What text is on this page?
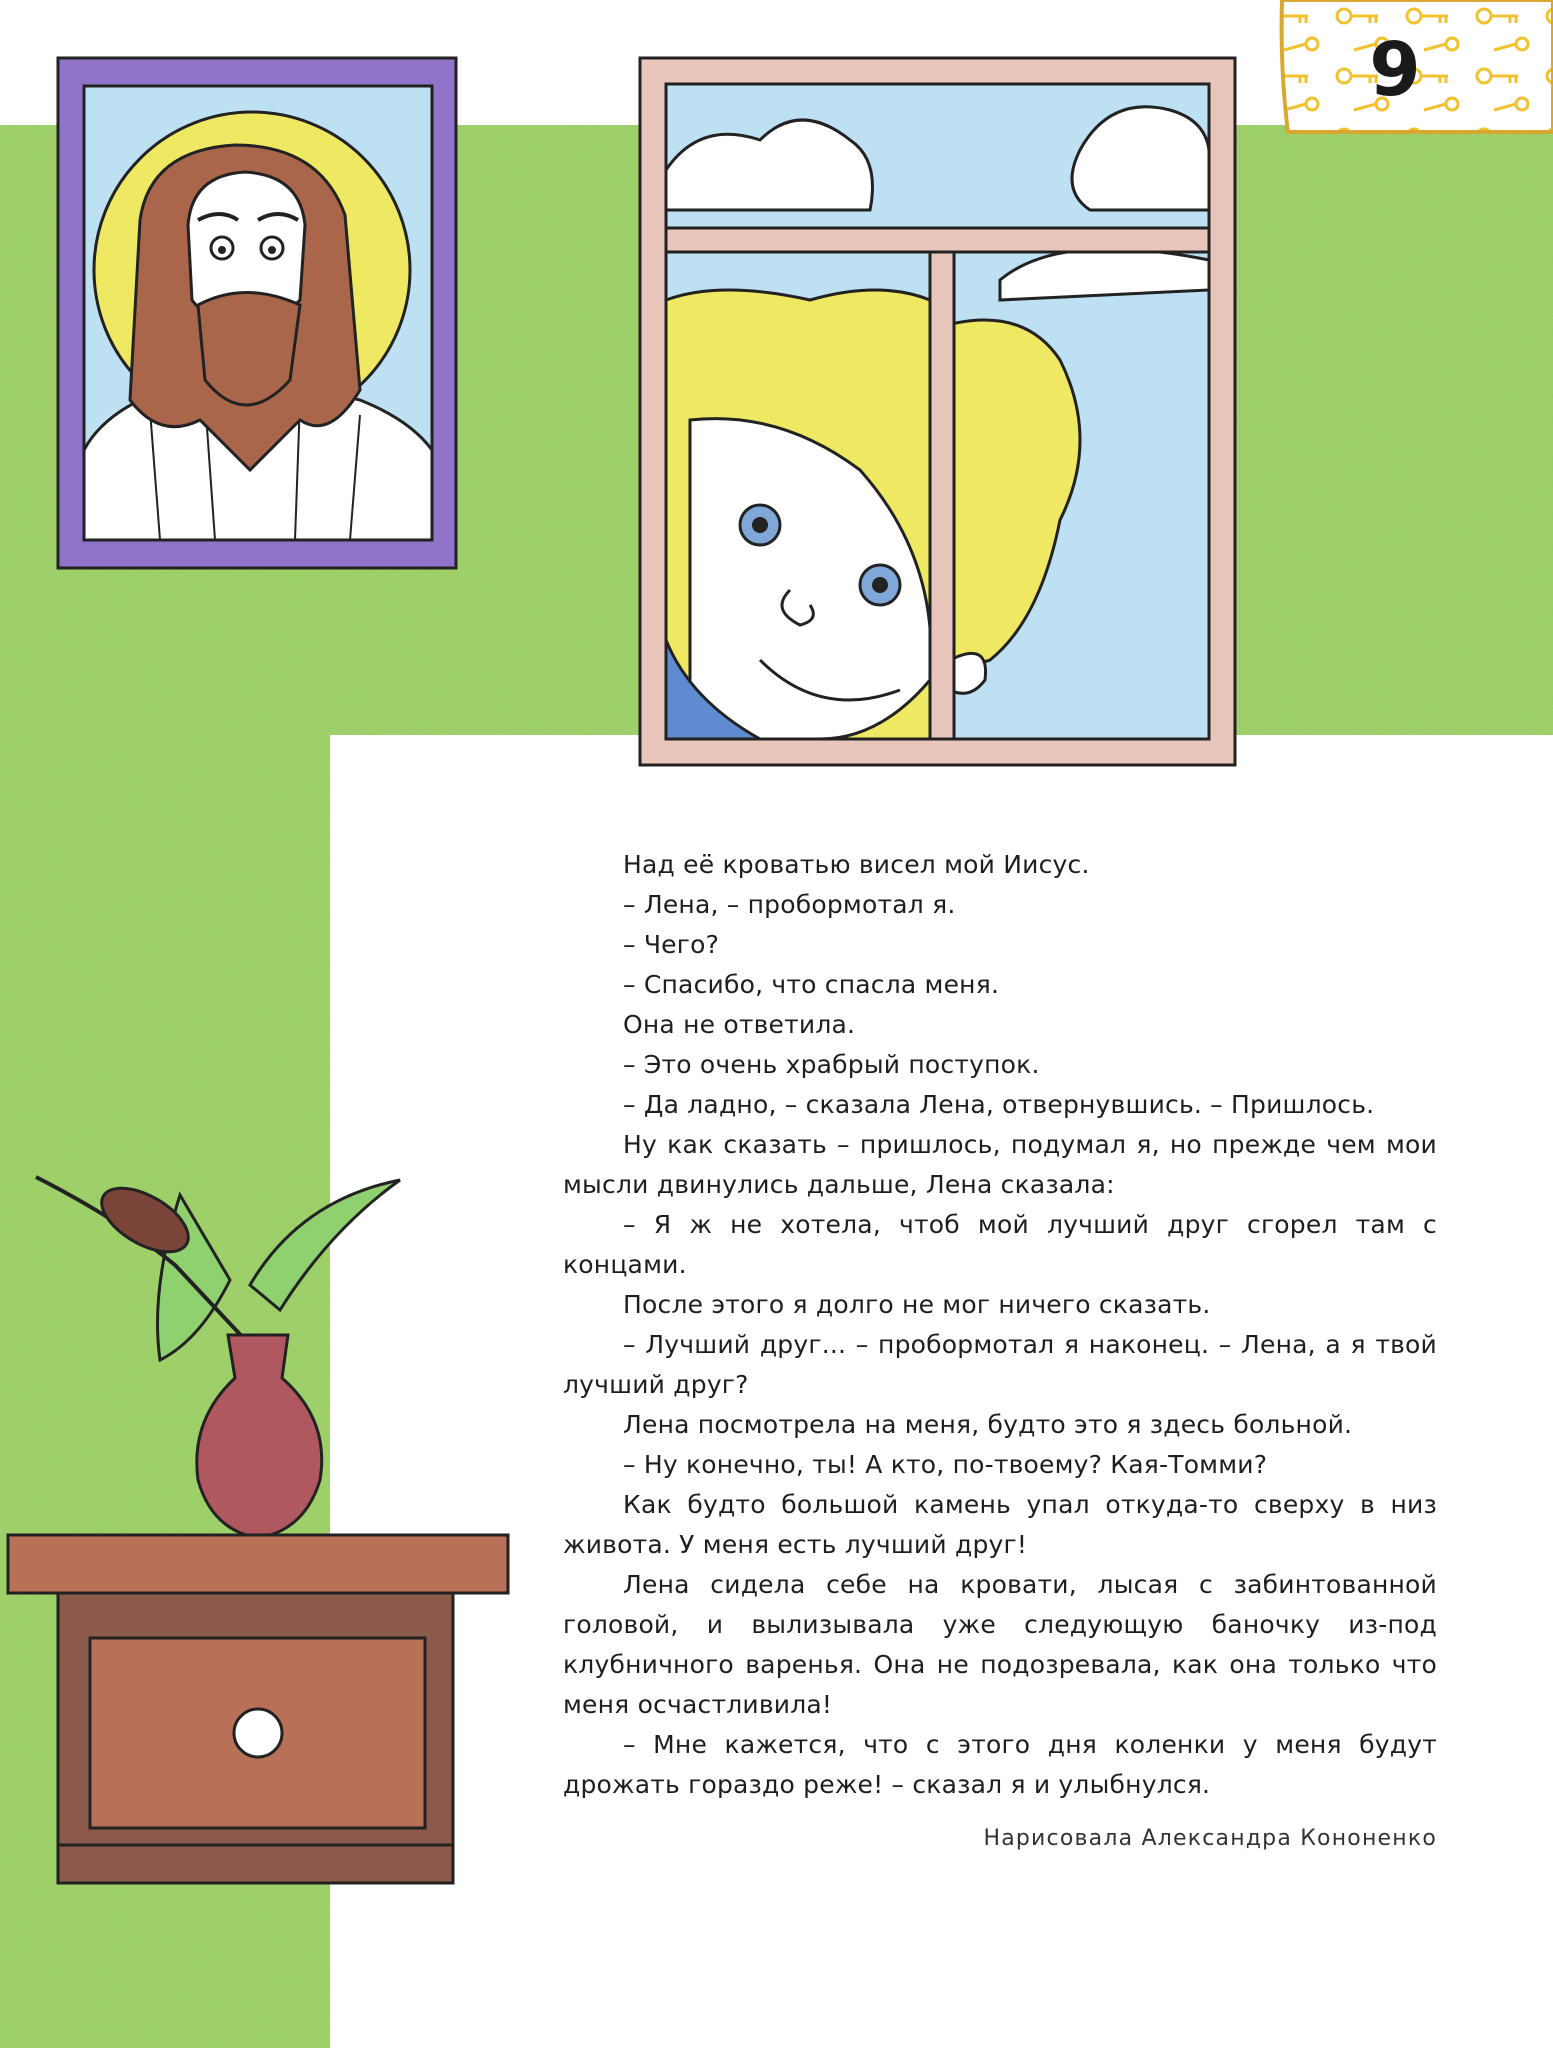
9

Над её кроватью висел мой Иисус.

– Лена, – пробормотал я.

– Чего?

– Спасибо, что спасла меня.

Она не ответила.

– Это очень храбрый поступок.

– Да ладно, – сказала Лена, отвернувшись. – Пришлось.

Ну как сказать – пришлось, подумал я, но прежде чем мои мысли двинулись дальше, Лена сказала:

– Я ж не хотела, чтоб мой лучший друг сгорел там с концами.

После этого я долго не мог ничего сказать.

– Лучший друг... – пробормотал я наконец. – Лена, а я твой лучший друг?

Лена посмотрела на меня, будто это я здесь больной.

– Ну конечно, ты! А кто, по-твоему? Кая-Томми?

Как будто большой камень упал откуда-то сверху в низ живота. У меня есть лучший друг!

Лена сидела себе на кровати, лысая с забинтованной головой, и вылизывала уже следующую баночку из-под клубничного варенья. Она не подозревала, как она только что меня осчастливила!

– Мне кажется, что с этого дня коленки у меня будут дрожать гораздо реже! – сказал я и улыбнулся.

Нарисовала Александра Кононенко
